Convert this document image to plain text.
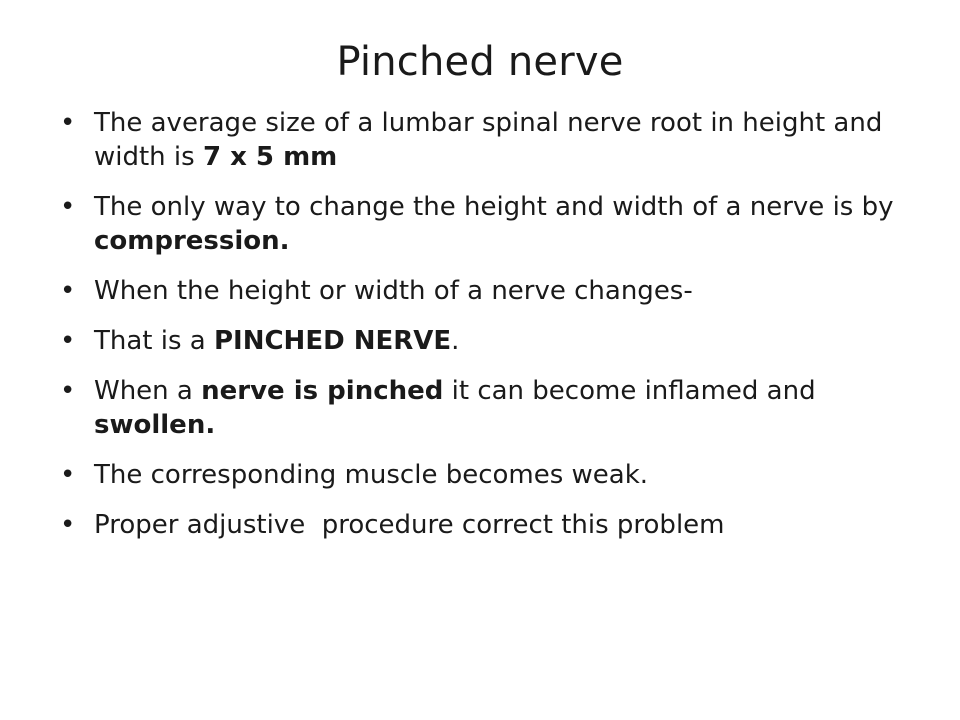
Pinched nerve
• The average size of a lumbar spinal nerve root in height and width is 7 x 5 mm
• The only way to change the height and width of a nerve is by compression.
• When the height or width of a nerve changes-
• That is a PINCHED NERVE.
• When a nerve is pinched it can become inflamed and swollen.
• The corresponding muscle becomes weak.
• Proper adjustive  procedure correct this problem
